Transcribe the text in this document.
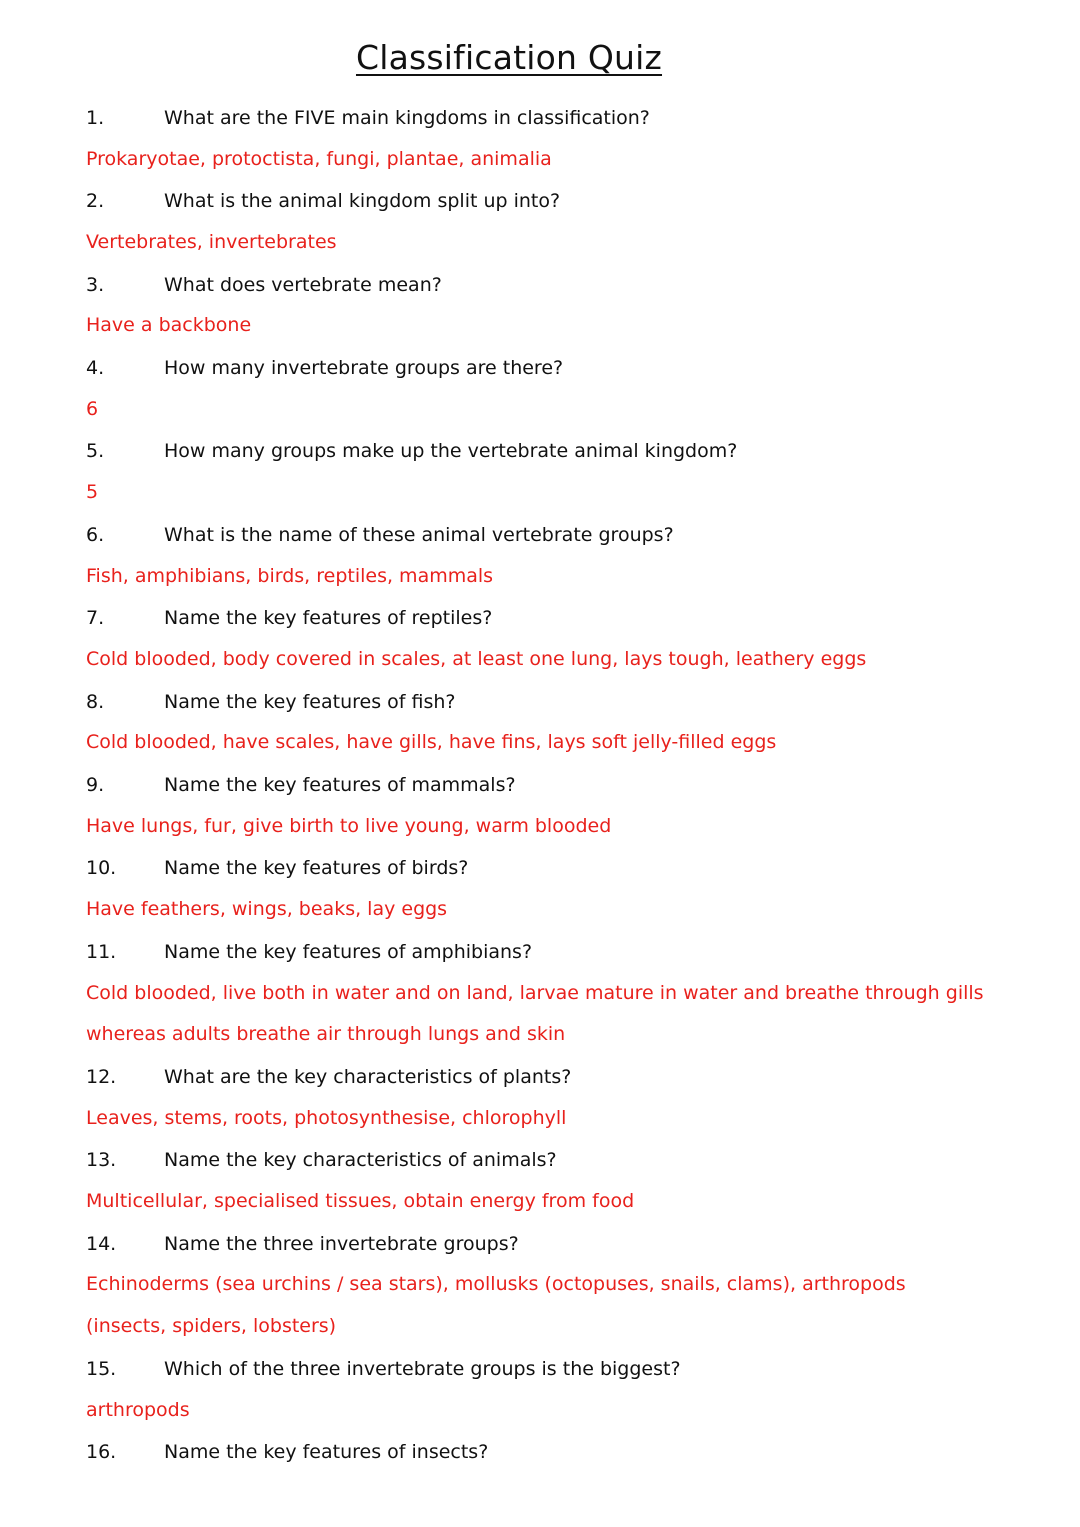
Classification Quiz
1.	What are the FIVE main kingdoms in classification?
Prokaryotae, protoctista, fungi, plantae, animalia
2.	What is the animal kingdom split up into?
Vertebrates, invertebrates
3.	What does vertebrate mean?
Have a backbone
4.	How many invertebrate groups are there?
6
5.	How many groups make up the vertebrate animal kingdom?
5
6.	What is the name of these animal vertebrate groups?
Fish, amphibians, birds, reptiles, mammals
7.	Name the key features of reptiles?
Cold blooded, body covered in scales, at least one lung, lays tough, leathery eggs
8.	Name the key features of fish?
Cold blooded, have scales, have gills, have fins, lays soft jelly-filled eggs
9.	Name the key features of mammals?
Have lungs, fur, give birth to live young, warm blooded
10.	Name the key features of birds?
Have feathers, wings, beaks, lay eggs
11.	Name the key features of amphibians?
Cold blooded, live both in water and on land, larvae mature in water and breathe through gills whereas adults breathe air through lungs and skin
12.	What are the key characteristics of plants?
Leaves, stems, roots, photosynthesise, chlorophyll
13.	Name the key characteristics of animals?
Multicellular, specialised tissues, obtain energy from food
14.	Name the three invertebrate groups?
Echinoderms (sea urchins / sea stars), mollusks (octopuses, snails, clams), arthropods (insects, spiders, lobsters)
15.	Which of the three invertebrate groups is the biggest?
arthropods
16.	Name the key features of insects?
